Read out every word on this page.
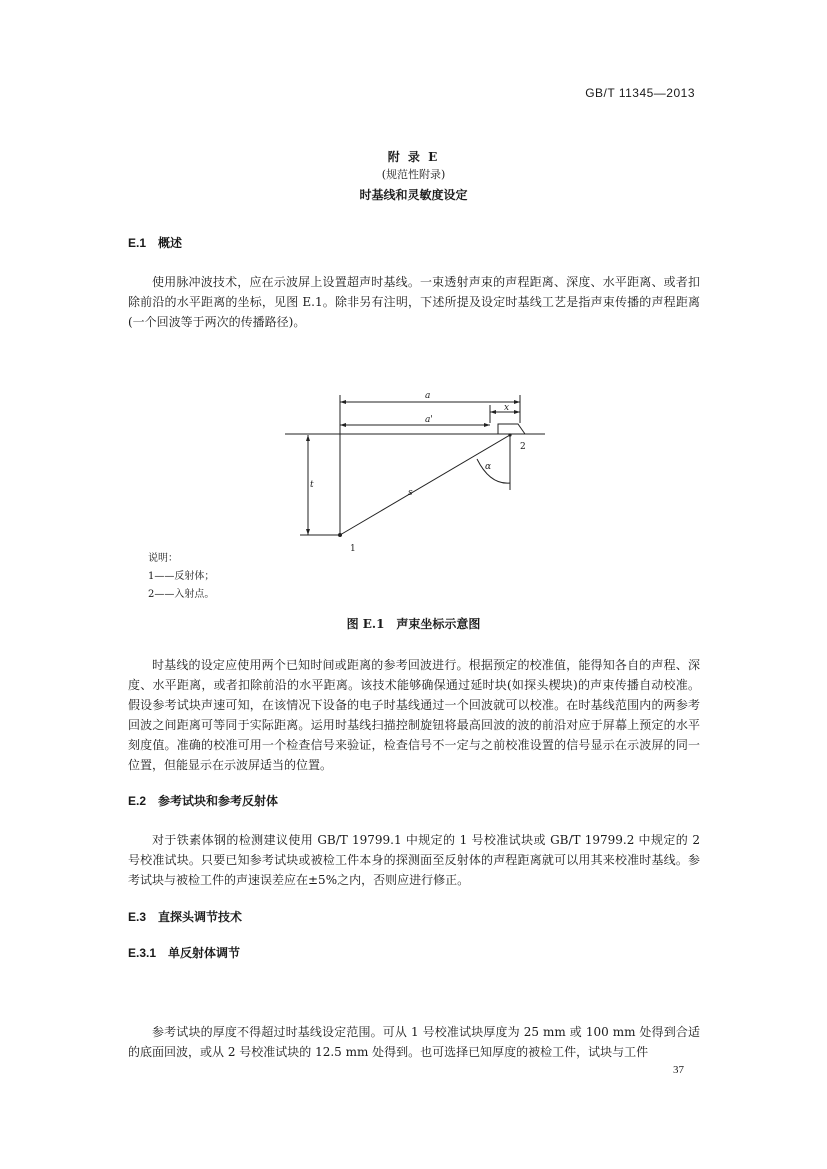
GB/T 11345—2013
附 录 E
(规范性附录)
时基线和灵敏度设定
E.1 概述
使用脉冲波技术，应在示波屏上设置超声时基线。一束透射声束的声程距离、深度、水平距离、或者扣除前沿的水平距离的坐标，见图 E.1。除非另有注明，下述所提及设定时基线工艺是指声束传播的声程距离(一个回波等于两次的传播路径)。
a
a'
x
t
s
α
1
2
说明：
1——反射体；
2——入射点。
图 E.1　声束坐标示意图
时基线的设定应使用两个已知时间或距离的参考回波进行。根据预定的校准值，能得知各自的声程、深度、水平距离，或者扣除前沿的水平距离。该技术能够确保通过延时块(如探头楔块)的声束传播自动校准。假设参考试块声速可知，在该情况下设备的电子时基线通过一个回波就可以校准。在时基线范围内的两参考回波之间距离可等同于实际距离。运用时基线扫描控制旋钮将最高回波的波的前沿对应于屏幕上预定的水平刻度值。准确的校准可用一个检查信号来验证，检查信号不一定与之前校准设置的信号显示在示波屏的同一位置，但能显示在示波屏适当的位置。
E.2 参考试块和参考反射体
对于铁素体钢的检测建议使用 GB/T 19799.1 中规定的 1 号校准试块或 GB/T 19799.2 中规定的 2 号校准试块。只要已知参考试块或被检工件本身的探测面至反射体的声程距离就可以用其来校准时基线。参考试块与被检工件的声速误差应在±5%之内，否则应进行修正。
E.3 直探头调节技术
E.3.1 单反射体调节
参考试块的厚度不得超过时基线设定范围。可从 1 号校准试块厚度为 25 mm 或 100 mm 处得到合适的底面回波，或从 2 号校准试块的 12.5 mm 处得到。也可选择已知厚度的被检工件，试块与工件
37
